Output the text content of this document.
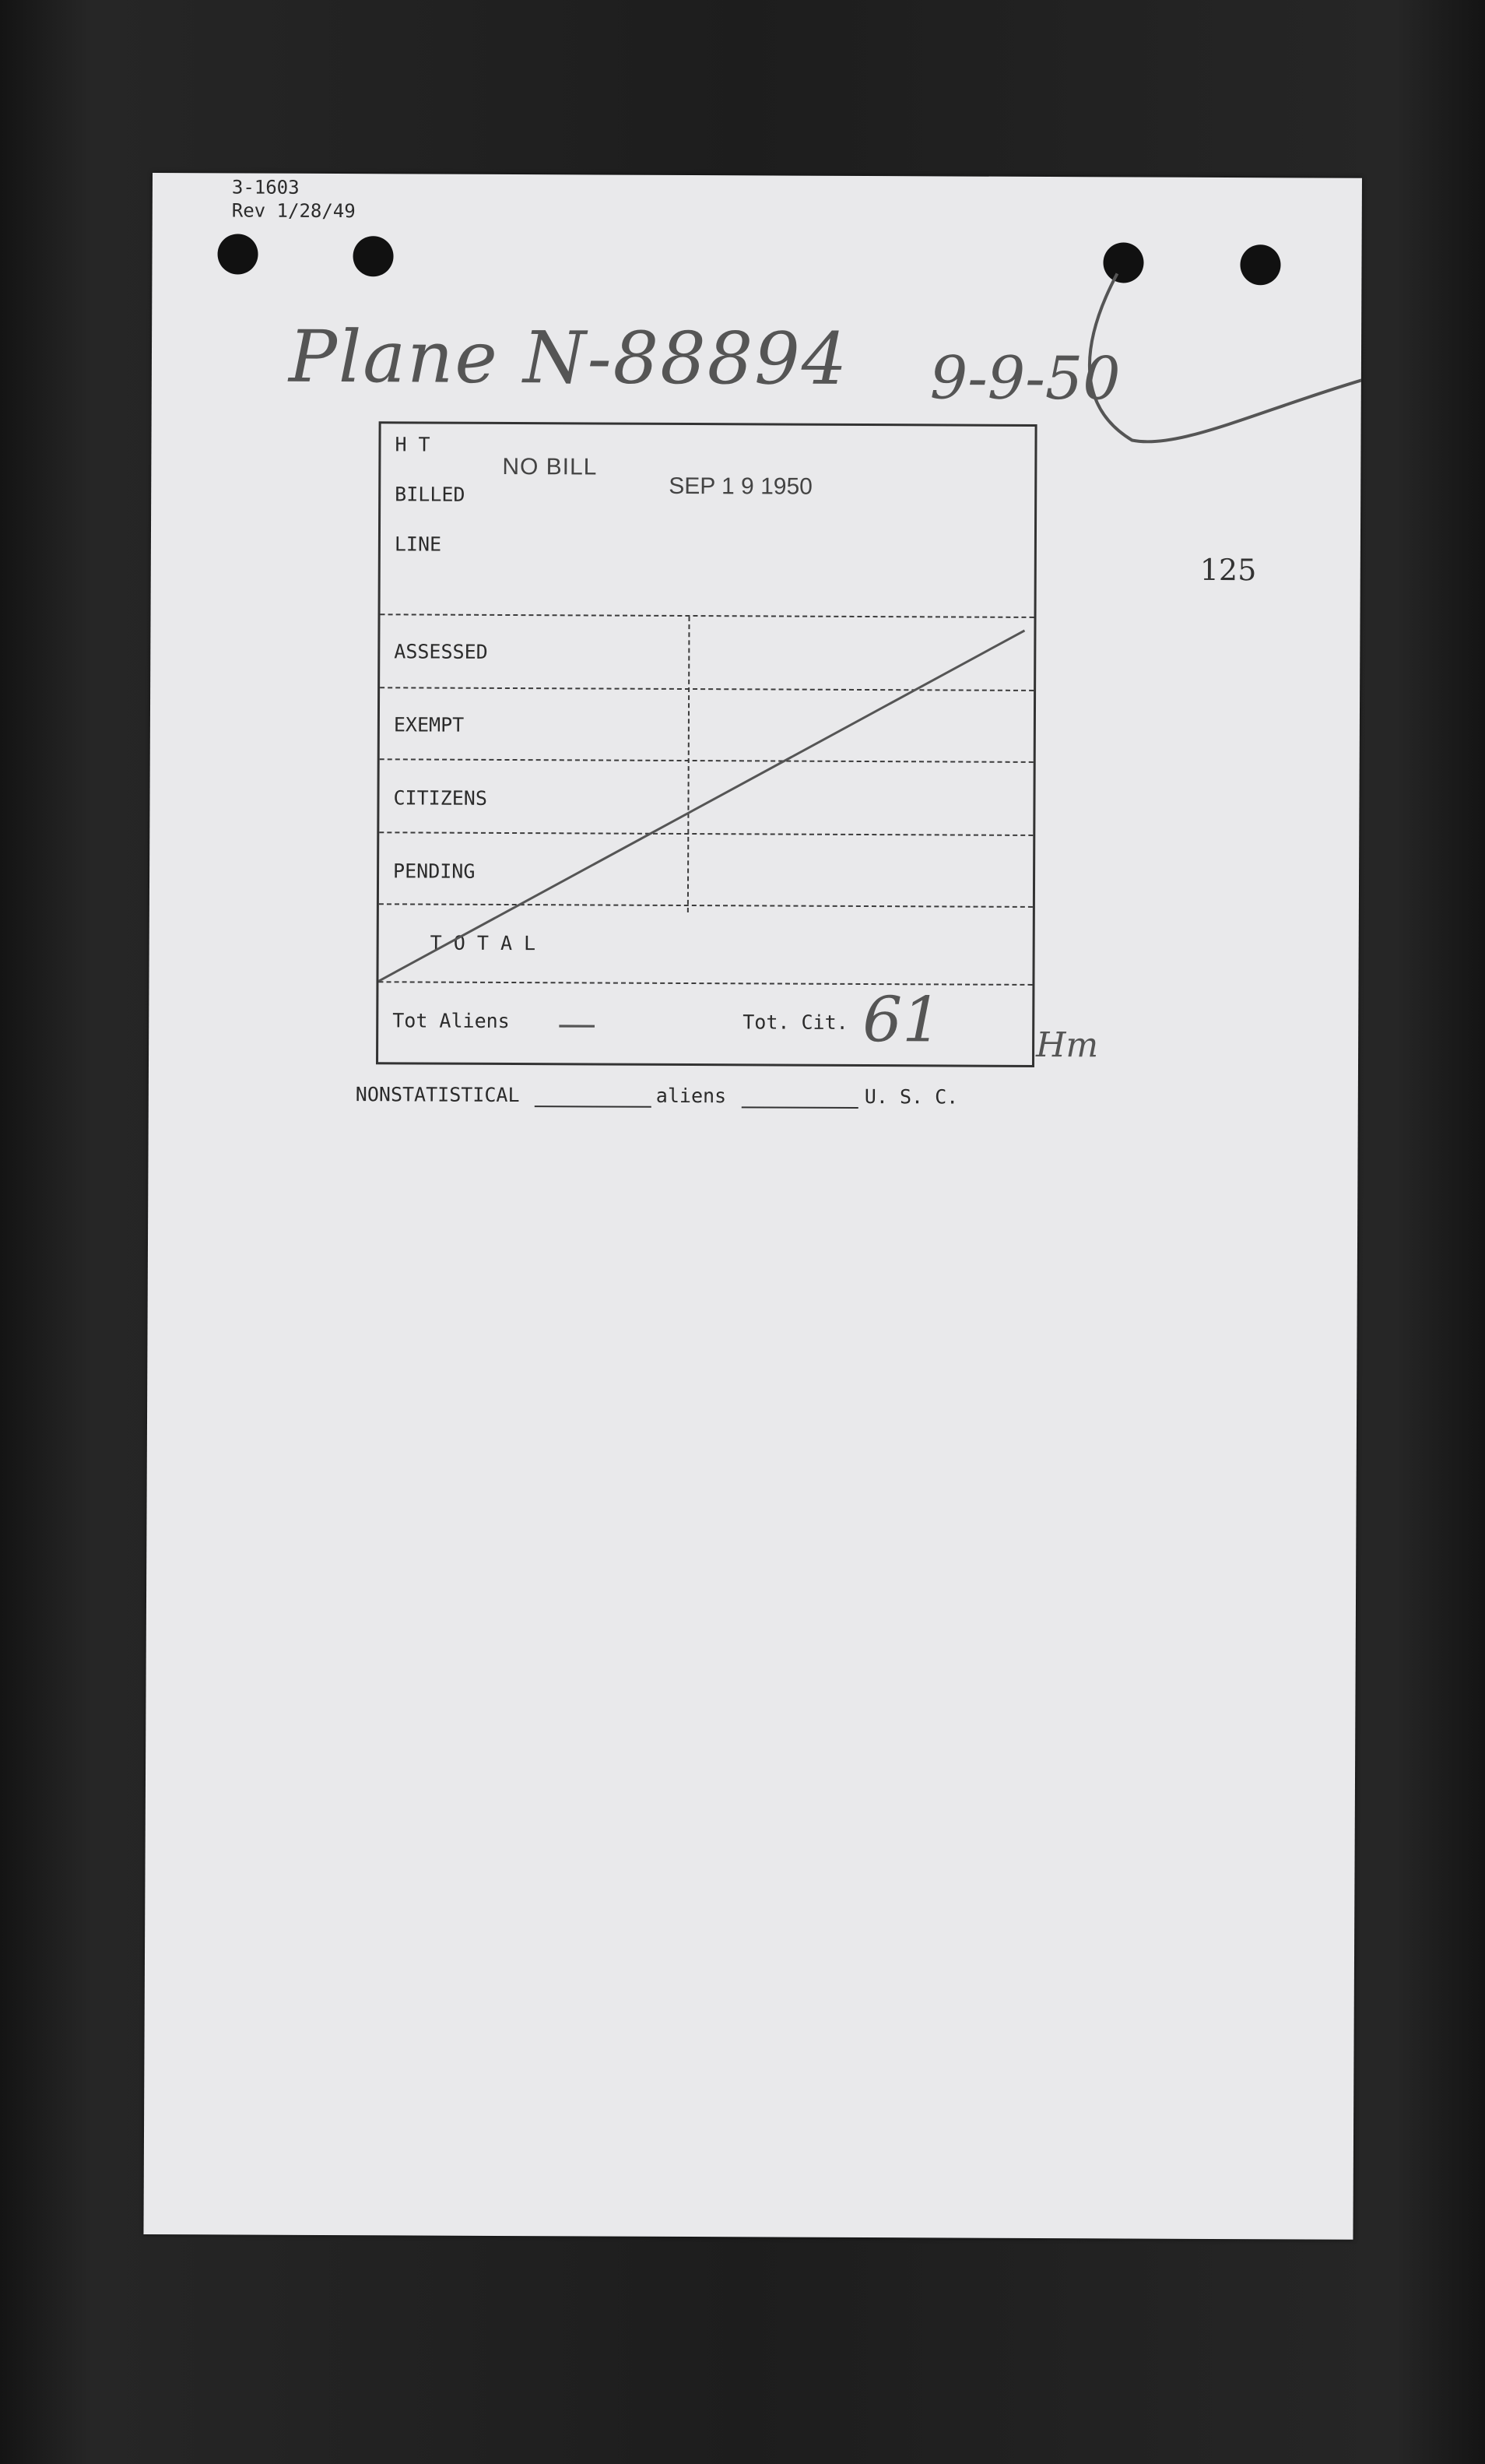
3-1603
Rev 1/28/49
Plane N-88894 9-9-50
125
H T
BILLED
LINE
NO BILL
SEP 1 9 1950
ASSESSED
EXEMPT
CITIZENS
PENDING
T O T A L
Tot Aliens —	Tot. Cit. 61	Hm
NONSTATISTICAL	aliens	U. S. C.
